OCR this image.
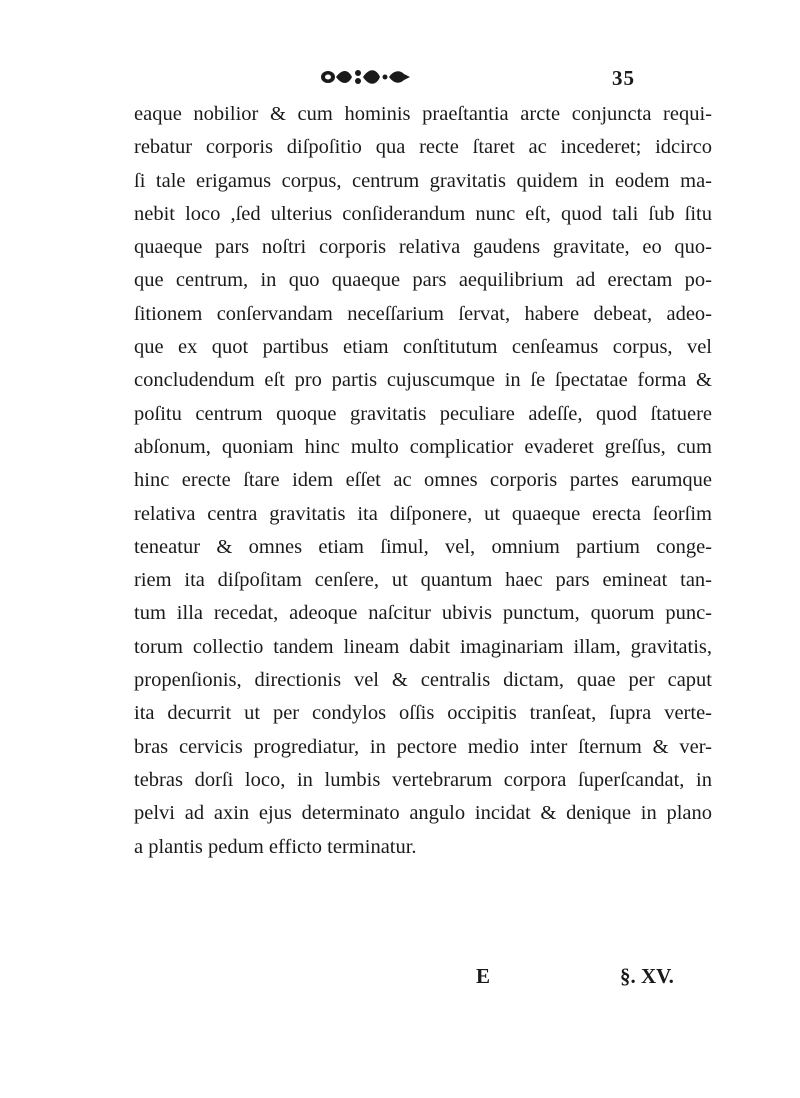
35
eaque nobilior & cum hominis praeſtantia arcte conjuncta requi-
rebatur corporis diſpoſitio qua recte ſtaret ac incederet; idcirco
ſi tale erigamus corpus, centrum gravitatis quidem in eodem ma-
nebit loco ,ſed ulterius conſiderandum nunc eſt, quod tali ſub ſitu
quaeque pars noſtri corporis relativa gaudens gravitate, eo quo-
que centrum, in quo quaeque pars aequilibrium ad erectam po-
ſitionem conſervandam neceſſarium ſervat, habere debeat, adeo-
que ex quot partibus etiam conſtitutum cenſeamus corpus, vel
concludendum eſt pro partis cujuscumque in ſe ſpectatae forma &
poſitu centrum quoque gravitatis peculiare adeſſe, quod ſtatuere
abſonum, quoniam hinc multo complicatior evaderet greſſus, cum
hinc erecte ſtare idem eſſet ac omnes corporis partes earumque
relativa centra gravitatis ita diſponere, ut quaeque erecta ſeorſim
teneatur & omnes etiam ſimul, vel, omnium partium conge-
riem ita diſpoſitam cenſere, ut quantum haec pars emineat tan-
tum illa recedat, adeoque naſcitur ubivis punctum, quorum punc-
torum collectio tandem lineam dabit imaginariam illam, gravitatis,
propenſionis, directionis vel & centralis dictam, quae per caput
ita decurrit ut per condylos oſſis occipitis tranſeat, ſupra verte-
bras cervicis progrediatur, in pectore medio inter ſternum & ver-
tebras dorſi loco, in lumbis vertebrarum corpora ſuperſcandat, in
pelvi ad axin ejus determinato angulo incidat & denique in plano
a plantis pedum efficto terminatur.
E	§. XV.
